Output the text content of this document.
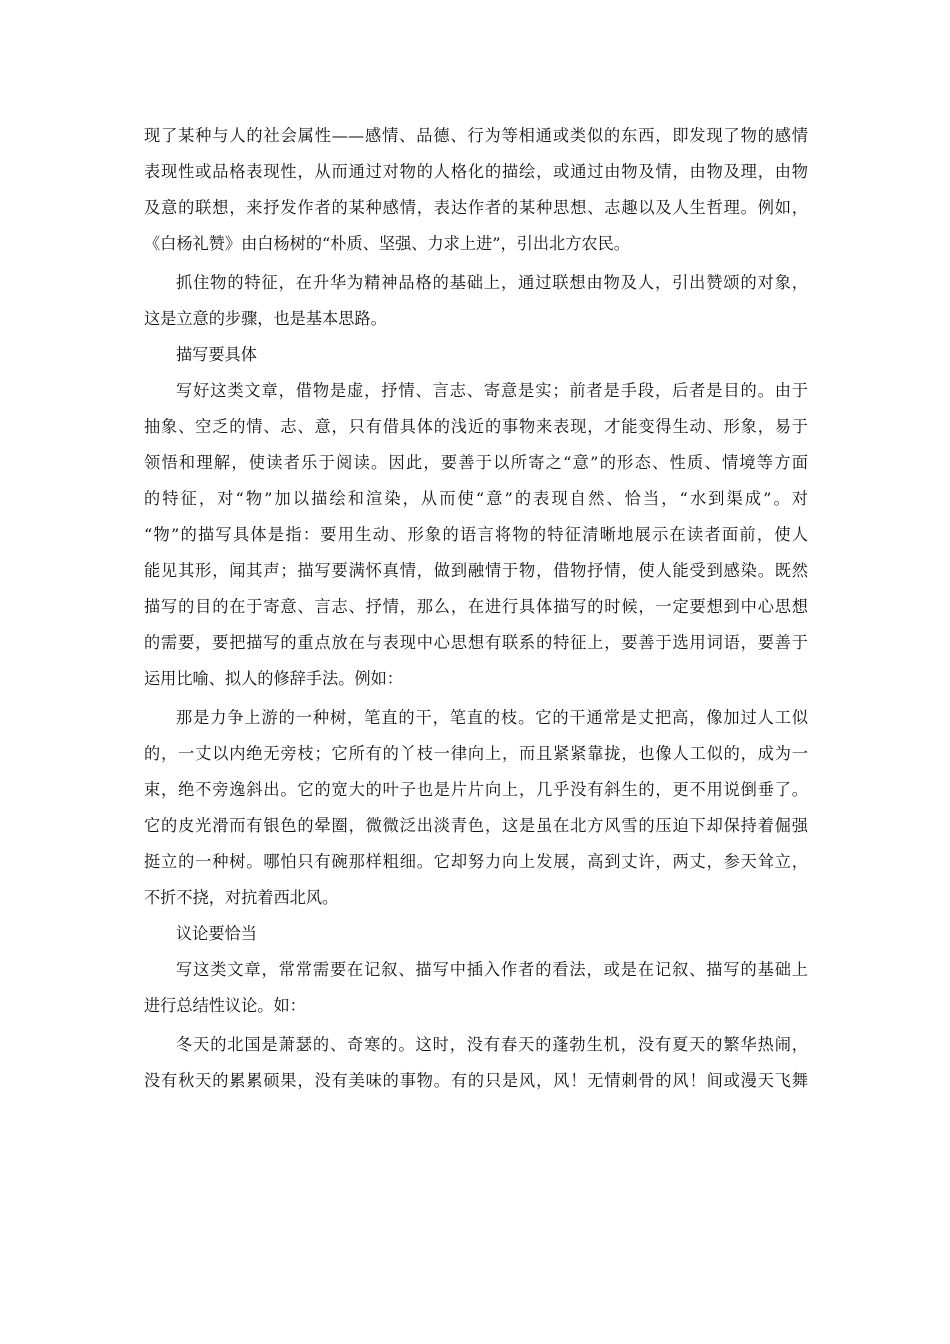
现了某种与人的社会属性——感情、品德、行为等相通或类似的东西，即发现了物的感情
表现性或品格表现性，从而通过对物的人格化的描绘，或通过由物及情，由物及理，由物
及意的联想，来抒发作者的某种感情，表达作者的某种思想、志趣以及人生哲理。例如，
《白杨礼赞》由白杨树的“朴质、坚强、力求上进”，引出北方农民。
抓住物的特征，在升华为精神品格的基础上，通过联想由物及人，引出赞颂的对象，
这是立意的步骤，也是基本思路。
描写要具体
写好这类文章，借物是虚，抒情、言志、寄意是实；前者是手段，后者是目的。由于
抽象、空乏的情、志、意，只有借具体的浅近的事物来表现，才能变得生动、形象，易于
领悟和理解，使读者乐于阅读。因此，要善于以所寄之“意”的形态、性质、情境等方面
的特征，对“物”加以描绘和渲染，从而使“意”的表现自然、恰当，“水到渠成”。对
“物”的描写具体是指：要用生动、形象的语言将物的特征清晰地展示在读者面前，使人
能见其形，闻其声；描写要满怀真情，做到融情于物，借物抒情，使人能受到感染。既然
描写的目的在于寄意、言志、抒情，那么，在进行具体描写的时候，一定要想到中心思想
的需要，要把描写的重点放在与表现中心思想有联系的特征上，要善于选用词语，要善于
运用比喻、拟人的修辞手法。例如：
那是力争上游的一种树，笔直的干，笔直的枝。它的干通常是丈把高，像加过人工似
的，一丈以内绝无旁枝；它所有的丫枝一律向上，而且紧紧靠拢，也像人工似的，成为一
束，绝不旁逸斜出。它的宽大的叶子也是片片向上，几乎没有斜生的，更不用说倒垂了。
它的皮光滑而有银色的晕圈，微微泛出淡青色，这是虽在北方风雪的压迫下却保持着倔强
挺立的一种树。哪怕只有碗那样粗细。它却努力向上发展，高到丈许，两丈，参天耸立，
不折不挠，对抗着西北风。
议论要恰当
写这类文章，常常需要在记叙、描写中插入作者的看法，或是在记叙、描写的基础上
进行总结性议论。如：
冬天的北国是萧瑟的、奇寒的。这时，没有春天的蓬勃生机，没有夏天的繁华热闹，
没有秋天的累累硕果，没有美味的事物。有的只是风，风！无情刺骨的风！间或漫天飞舞
